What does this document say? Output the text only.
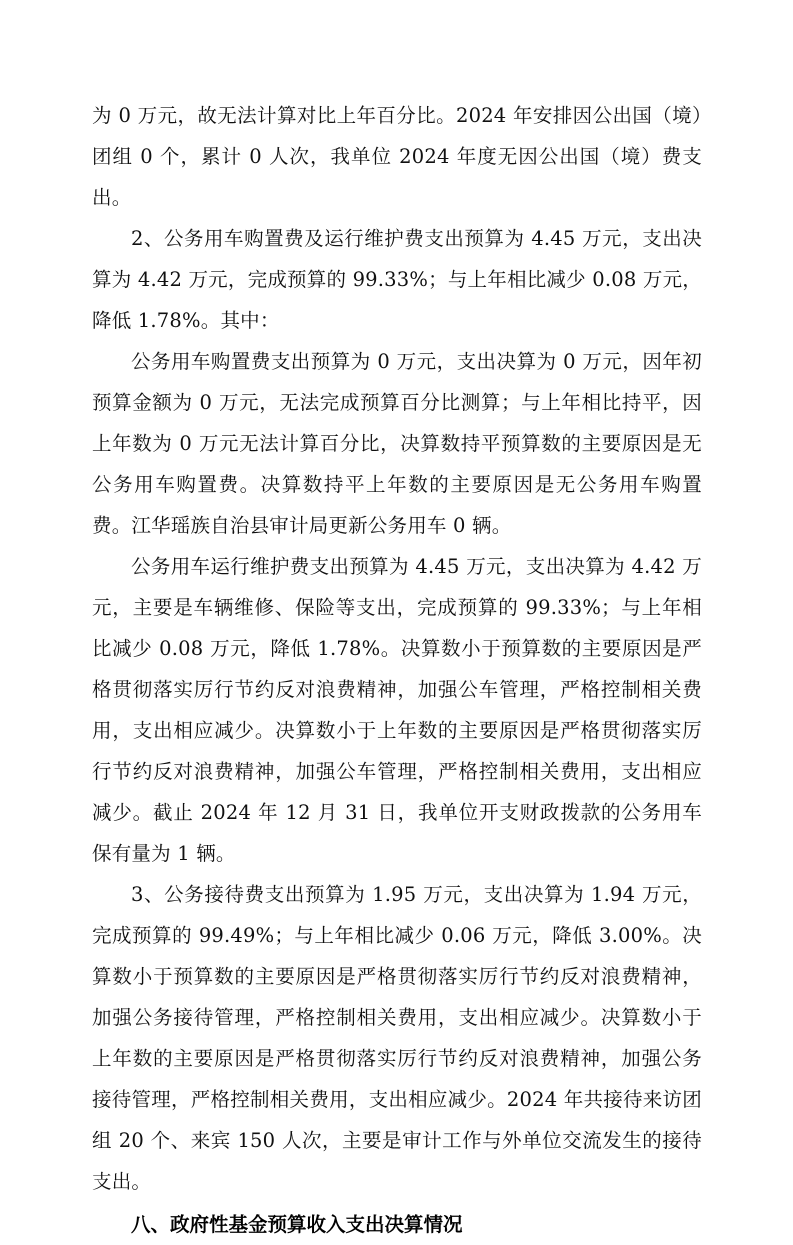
为 0 万元，故无法计算对比上年百分比。2024 年安排因公出国（境）团组 0 个，累计 0 人次，我单位 2024 年度无因公出国（境）费支出。

2、公务用车购置费及运行维护费支出预算为 4.45 万元，支出决算为 4.42 万元，完成预算的 99.33%；与上年相比减少 0.08 万元，降低 1.78%。其中：

公务用车购置费支出预算为 0 万元，支出决算为 0 万元，因年初预算金额为 0 万元，无法完成预算百分比测算；与上年相比持平，因上年数为 0 万元无法计算百分比，决算数持平预算数的主要原因是无公务用车购置费。决算数持平上年数的主要原因是无公务用车购置费。江华瑶族自治县审计局更新公务用车 0 辆。

公务用车运行维护费支出预算为 4.45 万元，支出决算为 4.42 万元，主要是车辆维修、保险等支出，完成预算的 99.33%；与上年相比减少 0.08 万元，降低 1.78%。决算数小于预算数的主要原因是严格贯彻落实厉行节约反对浪费精神，加强公车管理，严格控制相关费用，支出相应减少。决算数小于上年数的主要原因是严格贯彻落实厉行节约反对浪费精神，加强公车管理，严格控制相关费用，支出相应减少。截止 2024 年 12 月 31 日，我单位开支财政拨款的公务用车保有量为 1 辆。

3、公务接待费支出预算为 1.95 万元，支出决算为 1.94 万元，完成预算的 99.49%；与上年相比减少 0.06 万元，降低 3.00%。决算数小于预算数的主要原因是严格贯彻落实厉行节约反对浪费精神，加强公务接待管理，严格控制相关费用，支出相应减少。决算数小于上年数的主要原因是严格贯彻落实厉行节约反对浪费精神，加强公务接待管理，严格控制相关费用，支出相应减少。2024 年共接待来访团组 20 个、来宾 150 人次，主要是审计工作与外单位交流发生的接待支出。

八、政府性基金预算收入支出决算情况
